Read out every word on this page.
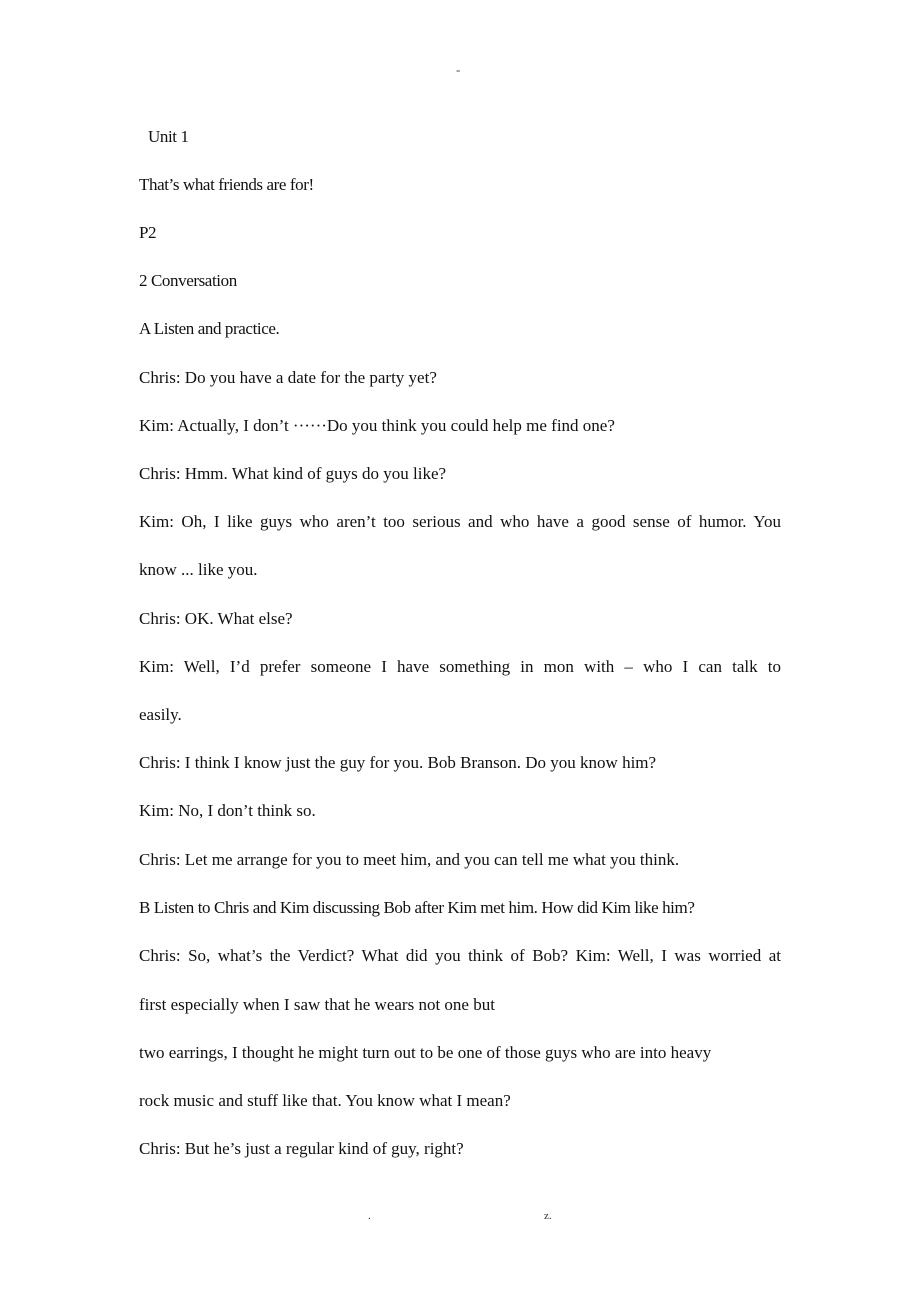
-
Unit 1
That’s what friends are for!
P2
2 Conversation
A Listen and practice.
Chris: Do you have a date for the party yet?
Kim: Actually, I don’t ······Do you think you could help me find one?
Chris: Hmm. What kind of guys do you like?
Kim: Oh, I like guys who aren’t too serious and who have a good sense of humor. You
know ... like you.
Chris: OK. What else?
Kim: Well, I’d prefer someone I have something in mon with – who I can talk to
easily.
Chris: I think I know just the guy for you. Bob Branson. Do you know him?
Kim: No, I don’t think so.
Chris: Let me arrange for you to meet him, and you can tell me what you think.
B Listen to Chris and Kim discussing Bob after Kim met him. How did Kim like him?
Chris: So, what’s the Verdict? What did you think of Bob? Kim: Well, I was worried at
first especially when I saw that he wears not one but
two earrings, I thought he might turn out to be one of those guys who are into heavy
rock music and stuff like that. You know what I mean?
Chris: But he’s just a regular kind of guy, right?
.	z.
